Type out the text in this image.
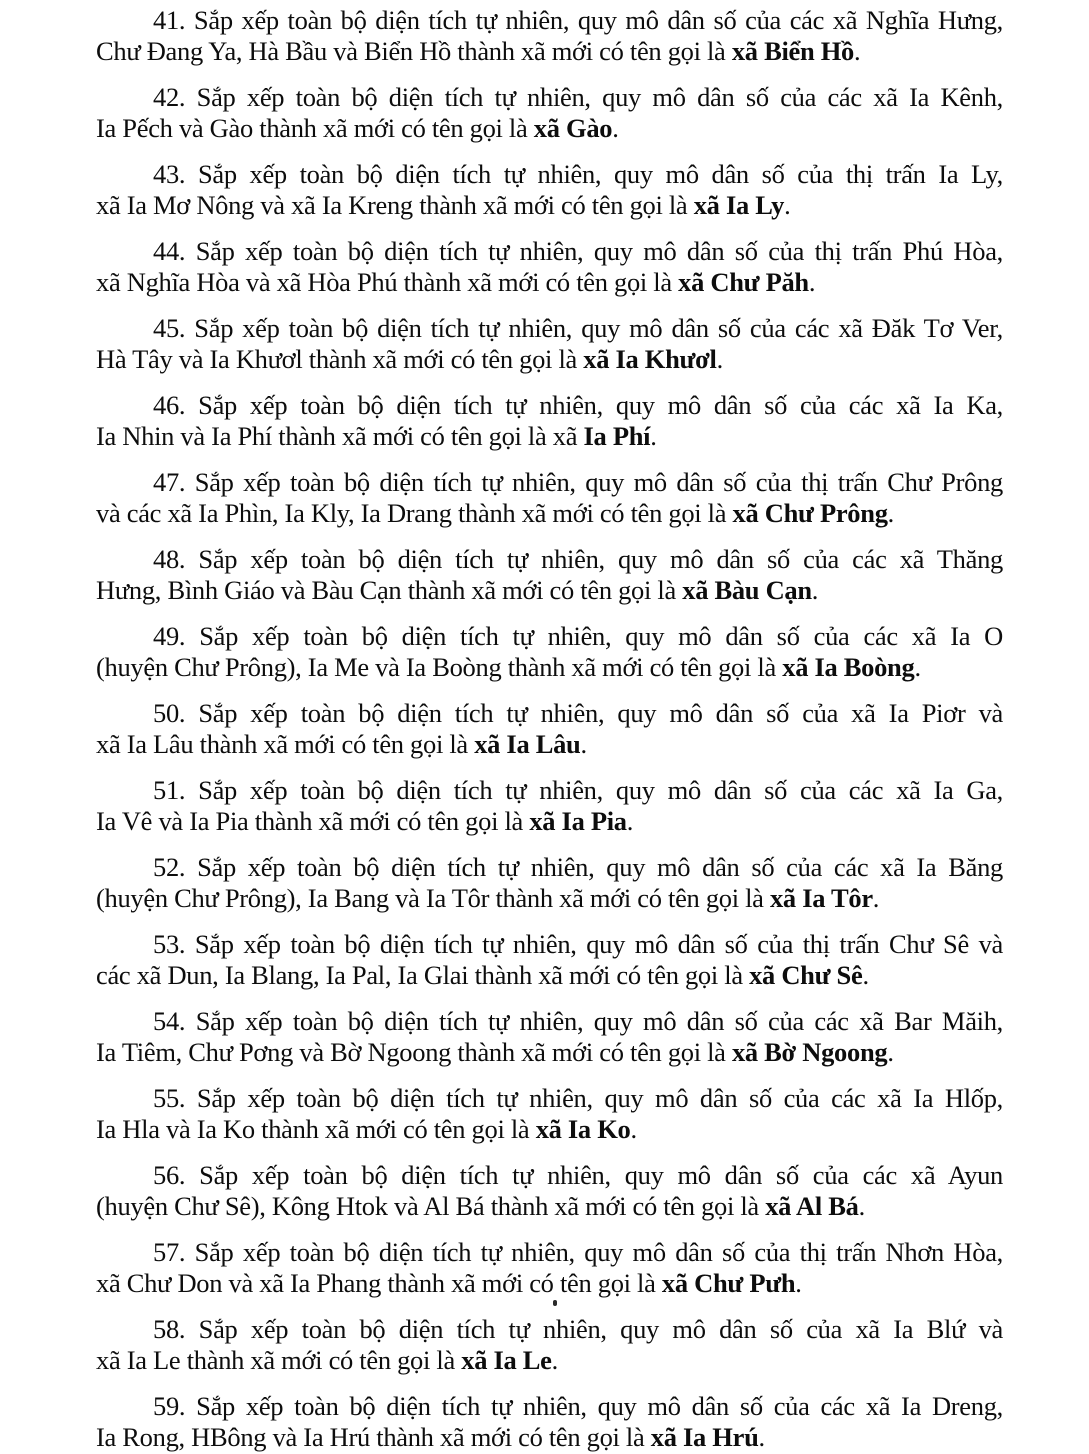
41. Sắp xếp toàn bộ diện tích tự nhiên, quy mô dân số của các xã Nghĩa Hưng,
Chư Đang Ya, Hà Bầu và Biển Hồ thành xã mới có tên gọi là xã Biển Hồ.

42. Sắp xếp toàn bộ diện tích tự nhiên, quy mô dân số của các xã Ia Kênh,
Ia Pếch và Gào thành xã mới có tên gọi là xã Gào.

43. Sắp xếp toàn bộ diện tích tự nhiên, quy mô dân số của thị trấn Ia Ly,
xã Ia Mơ Nông và xã Ia Kreng thành xã mới có tên gọi là xã Ia Ly.

44. Sắp xếp toàn bộ diện tích tự nhiên, quy mô dân số của thị trấn Phú Hòa,
xã Nghĩa Hòa và xã Hòa Phú thành xã mới có tên gọi là xã Chư Păh.

45. Sắp xếp toàn bộ diện tích tự nhiên, quy mô dân số của các xã Đăk Tơ Ver,
Hà Tây và Ia Khươl thành xã mới có tên gọi là xã Ia Khươl.

46. Sắp xếp toàn bộ diện tích tự nhiên, quy mô dân số của các xã Ia Ka,
Ia Nhin và Ia Phí thành xã mới có tên gọi là xã Ia Phí.

47. Sắp xếp toàn bộ diện tích tự nhiên, quy mô dân số của thị trấn Chư Prông
và các xã Ia Phìn, Ia Kly, Ia Drang thành xã mới có tên gọi là xã Chư Prông.

48. Sắp xếp toàn bộ diện tích tự nhiên, quy mô dân số của các xã Thăng
Hưng, Bình Giáo và Bàu Cạn thành xã mới có tên gọi là xã Bàu Cạn.

49. Sắp xếp toàn bộ diện tích tự nhiên, quy mô dân số của các xã Ia O
(huyện Chư Prông), Ia Me và Ia Boòng thành xã mới có tên gọi là xã Ia Boòng.

50. Sắp xếp toàn bộ diện tích tự nhiên, quy mô dân số của xã Ia Piơr và
xã Ia Lâu thành xã mới có tên gọi là xã Ia Lâu.

51. Sắp xếp toàn bộ diện tích tự nhiên, quy mô dân số của các xã Ia Ga,
Ia Vê và Ia Pia thành xã mới có tên gọi là xã Ia Pia.

52. Sắp xếp toàn bộ diện tích tự nhiên, quy mô dân số của các xã Ia Băng
(huyện Chư Prông), Ia Bang và Ia Tôr thành xã mới có tên gọi là xã Ia Tôr.

53. Sắp xếp toàn bộ diện tích tự nhiên, quy mô dân số của thị trấn Chư Sê và
các xã Dun, Ia Blang, Ia Pal, Ia Glai thành xã mới có tên gọi là xã Chư Sê.

54. Sắp xếp toàn bộ diện tích tự nhiên, quy mô dân số của các xã Bar Măih,
Ia Tiêm, Chư Pơng và Bờ Ngoong thành xã mới có tên gọi là xã Bờ Ngoong.

55. Sắp xếp toàn bộ diện tích tự nhiên, quy mô dân số của các xã Ia Hlốp,
Ia Hla và Ia Ko thành xã mới có tên gọi là xã Ia Ko.

56. Sắp xếp toàn bộ diện tích tự nhiên, quy mô dân số của các xã Ayun
(huyện Chư Sê), Kông Htok và Al Bá thành xã mới có tên gọi là xã Al Bá.

57. Sắp xếp toàn bộ diện tích tự nhiên, quy mô dân số của thị trấn Nhơn Hòa,
xã Chư Don và xã Ia Phang thành xã mới có tên gọi là xã Chư Pưh.

58. Sắp xếp toàn bộ diện tích tự nhiên, quy mô dân số của xã Ia Blứ và
xã Ia Le thành xã mới có tên gọi là xã Ia Le.

59. Sắp xếp toàn bộ diện tích tự nhiên, quy mô dân số của các xã Ia Dreng,
Ia Rong, HBông và Ia Hrú thành xã mới có tên gọi là xã Ia Hrú.
